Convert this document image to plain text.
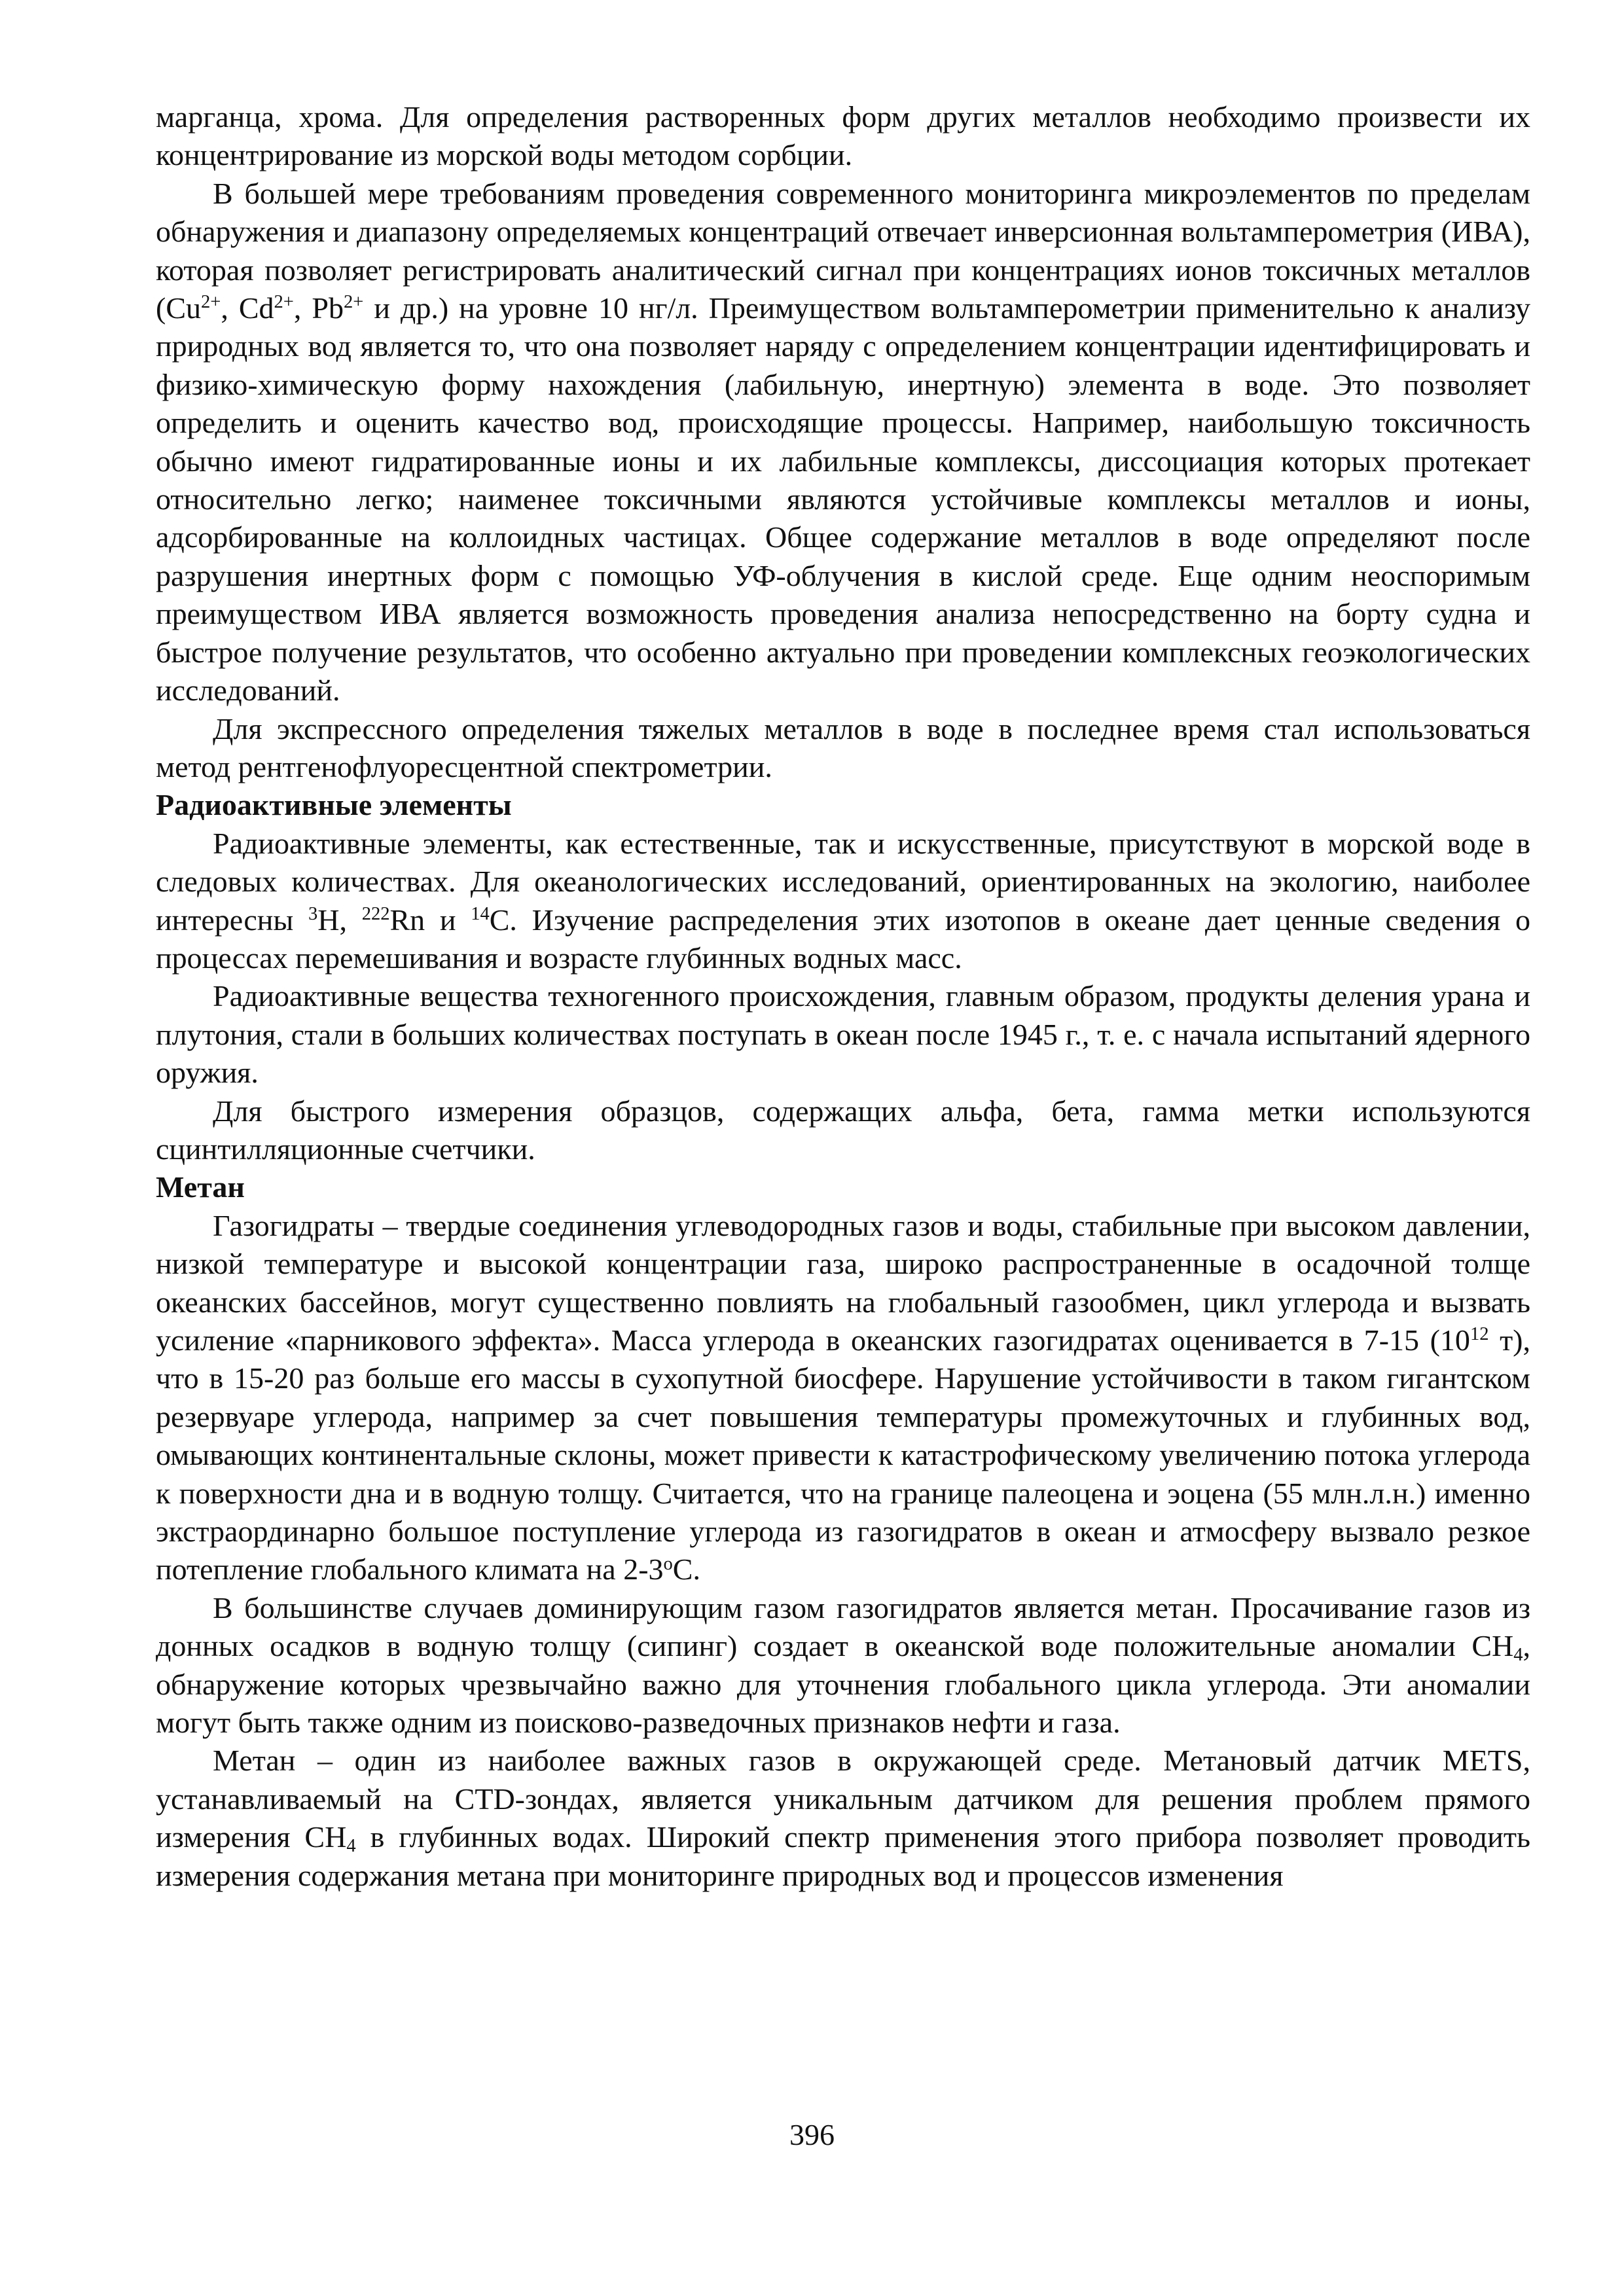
марганца, хрома. Для определения растворенных форм других металлов необходимо произвести их концентрирование из морской воды методом сорбции.

В большей мере требованиям проведения современного мониторинга микроэлементов по пределам обнаружения и диапазону определяемых концентраций отвечает инверсионная вольтамперометрия (ИВА), которая позволяет регистрировать аналитический сигнал при концентрациях ионов токсичных металлов ($Cu^{2+}$, $Cd^{2+}$, $Pb^{2+}$ и др.) на уровне 10 нг/л. Преимуществом вольтамперометрии применительно к анализу природных вод является то, что она позволяет наряду с определением концентрации идентифицировать и физико-химическую форму нахождения (лабильную, инертную) элемента в воде. Это позволяет определить и оценить качество вод, происходящие процессы. Например, наибольшую токсичность обычно имеют гидратированные ионы и их лабильные комплексы, диссоциация которых протекает относительно легко; наименее токсичными являются устойчивые комплексы металлов и ионы, адсорбированные на коллоидных частицах. Общее содержание металлов в воде определяют после разрушения инертных форм с помощью УФ-облучения в кислой среде. Еще одним неоспоримым преимуществом ИВА является возможность проведения анализа непосредственно на борту судна и быстрое получение результатов, что особенно актуально при проведении комплексных геоэкологических исследований.

Для экспрессного определения тяжелых металлов в воде в последнее время стал использоваться метод рентгенофлуоресцентной спектрометрии.

Радиоактивные элементы

Радиоактивные элементы, как естественные, так и искусственные, присутствуют в морской воде в следовых количествах. Для океанологических исследований, ориентированных на экологию, наиболее интересны $^3$H, $^{222}$Rn и $^{14}$C. Изучение распределения этих изотопов в океане дает ценные сведения о процессах перемешивания и возрасте глубинных водных масс.

Радиоактивные вещества техногенного происхождения, главным образом, продукты деления урана и плутония, стали в больших количествах поступать в океан после 1945 г., т. е. с начала испытаний ядерного оружия.

Для быстрого измерения образцов, содержащих альфа, бета, гамма метки используются сцинтилляционные счетчики.

Метан

Газогидраты – твердые соединения углеводородных газов и воды, стабильные при высоком давлении, низкой температуре и высокой концентрации газа, широко распространенные в осадочной толще океанских бассейнов, могут существенно повлиять на глобальный газообмен, цикл углерода и вызвать усиление «парникового эффекта». Масса углерода в океанских газогидратах оценивается в 7-15 ($10^{12}$ т), что в 15-20 раз больше его массы в сухопутной биосфере. Нарушение устойчивости в таком гигантском резервуаре углерода, например за счет повышения температуры промежуточных и глубинных вод, омывающих континентальные склоны, может привести к катастрофическому увеличению потока углерода к поверхности дна и в водную толщу. Считается, что на границе палеоцена и эоцена (55 млн.л.н.) именно экстраординарно большое поступление углерода из газогидратов в океан и атмосферу вызвало резкое потепление глобального климата на 2-3$^o$С.

В большинстве случаев доминирующим газом газогидратов является метан. Просачивание газов из донных осадков в водную толщу (сипинг) создает в океанской воде положительные аномалии $CH_4$, обнаружение которых чрезвычайно важно для уточнения глобального цикла углерода. Эти аномалии могут быть также одним из поисково-разведочных признаков нефти и газа.

Метан – один из наиболее важных газов в окружающей среде. Метановый датчик METS, устанавливаемый на CTD-зондах, является уникальным датчиком для решения проблем прямого измерения $CH_4$ в глубинных водах. Широкий спектр применения этого прибора позволяет проводить измерения содержания метана при мониторинге природных вод и процессов изменения

396
